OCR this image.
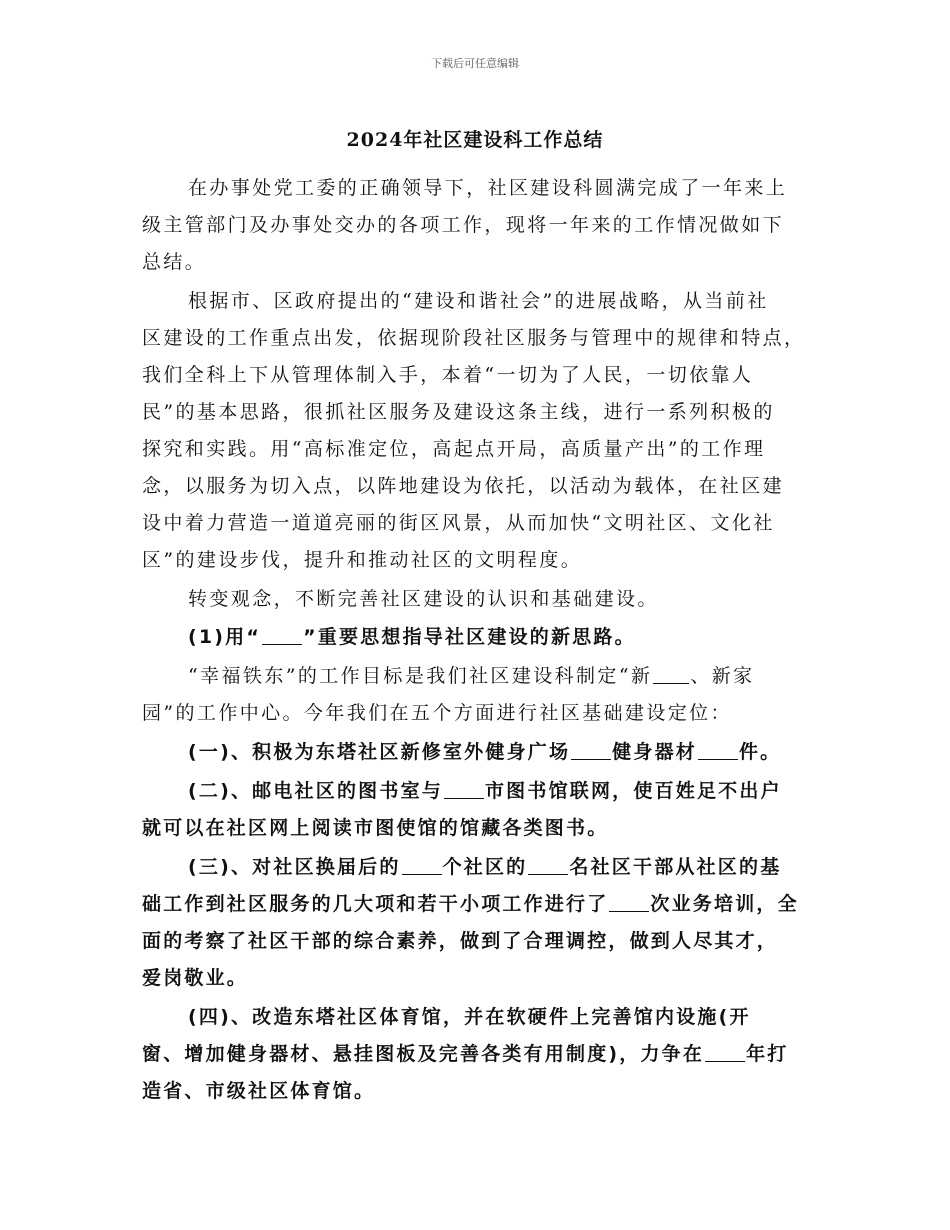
下载后可任意编辑
2024年社区建设科工作总结
在办事处党工委的正确领导下，社区建设科圆满完成了一年来上
级主管部门及办事处交办的各项工作，现将一年来的工作情况做如下
总结。
根据市、区政府提出的“建设和谐社会”的进展战略，从当前社
区建设的工作重点出发，依据现阶段社区服务与管理中的规律和特点，
我们全科上下从管理体制入手，本着“一切为了人民，一切依靠人
民”的基本思路，很抓社区服务及建设这条主线，进行一系列积极的
探究和实践。用“高标准定位，高起点开局，高质量产出”的工作理
念，以服务为切入点，以阵地建设为依托，以活动为载体，在社区建
设中着力营造一道道亮丽的街区风景，从而加快“文明社区、文化社
区”的建设步伐，提升和推动社区的文明程度。
转变观念，不断完善社区建设的认识和基础建设。
(1)用“ ”重要思想指导社区建设的新思路。
“幸福铁东”的工作目标是我们社区建设科制定“新 、新家
园”的工作中心。今年我们在五个方面进行社区基础建设定位：
(一)、积极为东塔社区新修室外健身广场 健身器材 件。
(二)、邮电社区的图书室与 市图书馆联网，使百姓足不出户
就可以在社区网上阅读市图使馆的馆藏各类图书。
(三)、对社区换届后的 个社区的 名社区干部从社区的基
础工作到社区服务的几大项和若干小项工作进行了 次业务培训，全
面的考察了社区干部的综合素养，做到了合理调控，做到人尽其才，
爱岗敬业。
(四)、改造东塔社区体育馆，并在软硬件上完善馆内设施(开
窗、增加健身器材、悬挂图板及完善各类有用制度)，力争在 年打
造省、市级社区体育馆。
